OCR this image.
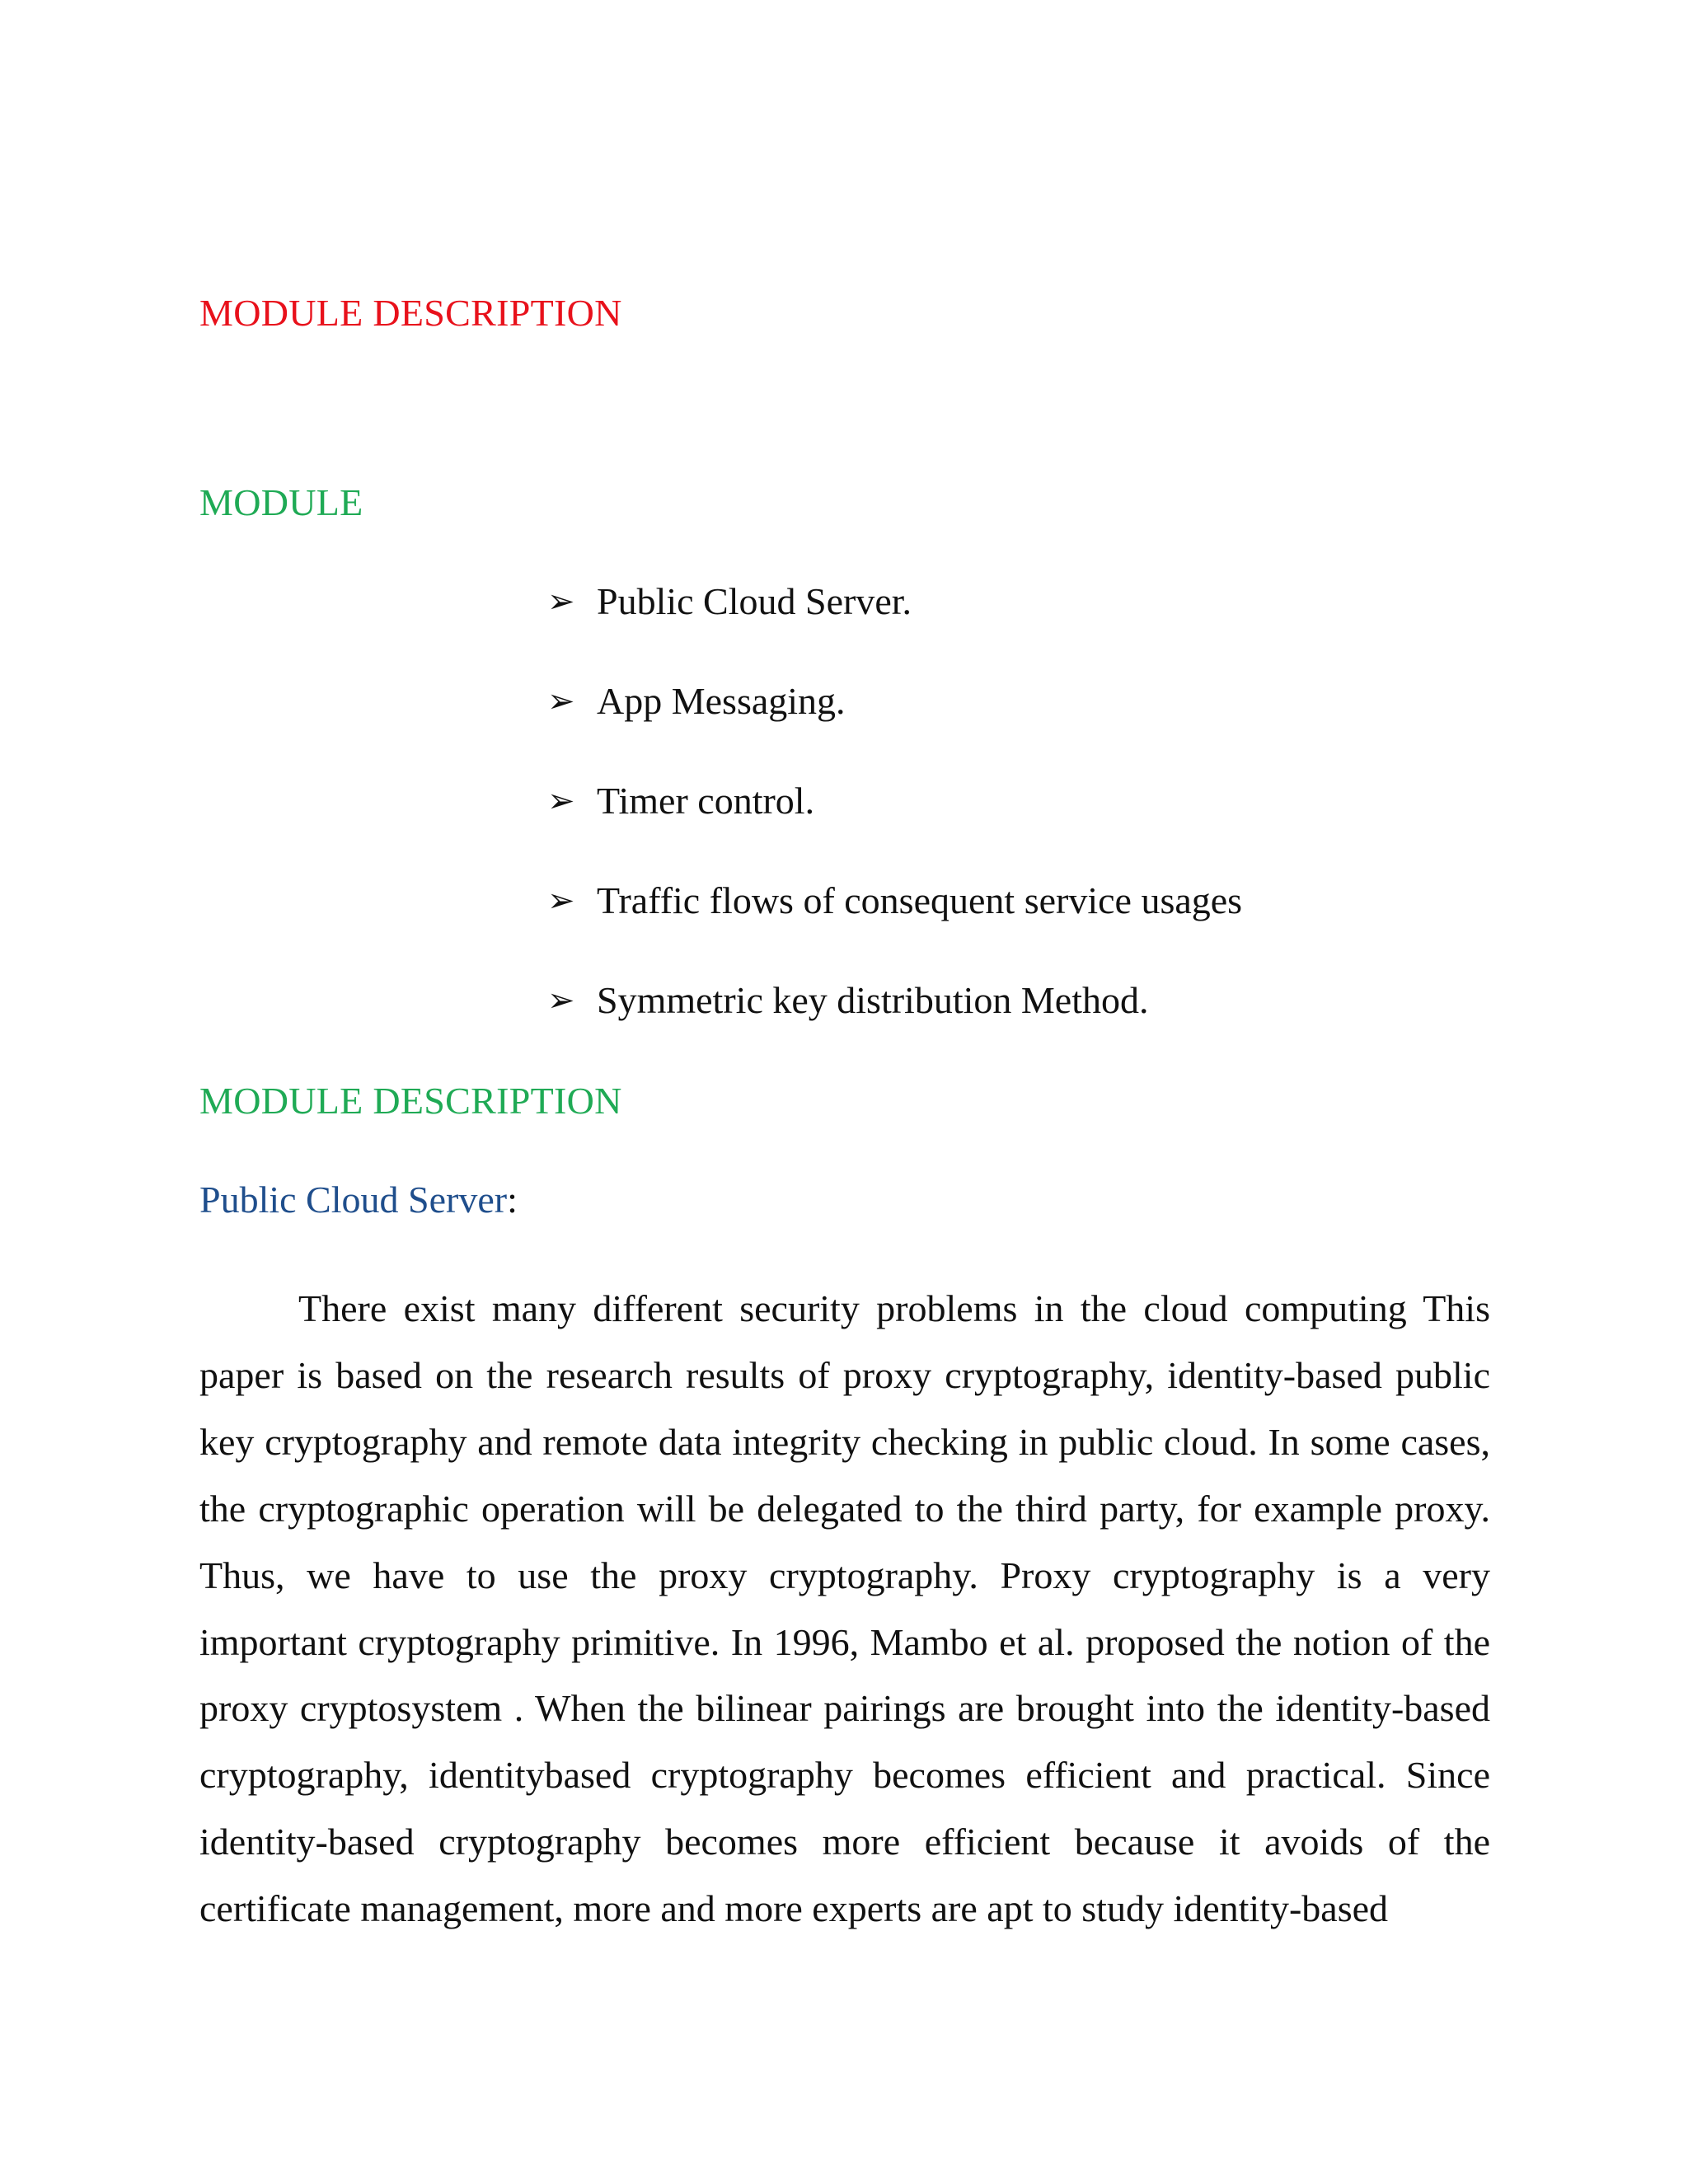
MODULE DESCRIPTION
MODULE
➢ Public Cloud Server.
➢ App Messaging.
➢ Timer control.
➢ Traffic flows of consequent service usages
➢ Symmetric key distribution Method.
MODULE DESCRIPTION
Public Cloud Server:

There exist many different security problems in the cloud computing This paper is based on the research results of proxy cryptography, identity-based public key cryptography and remote data integrity checking in public cloud. In some cases, the cryptographic operation will be delegated to the third party, for example proxy. Thus, we have to use the proxy cryptography. Proxy cryptography is a very important cryptography primitive. In 1996, Mambo et al. proposed the notion of the proxy cryptosystem . When the bilinear pairings are brought into the identity-based cryptography, identitybased cryptography becomes efficient and practical. Since identity-based cryptography becomes more efficient because it avoids of the certificate management, more and more experts are apt to study identity-based
